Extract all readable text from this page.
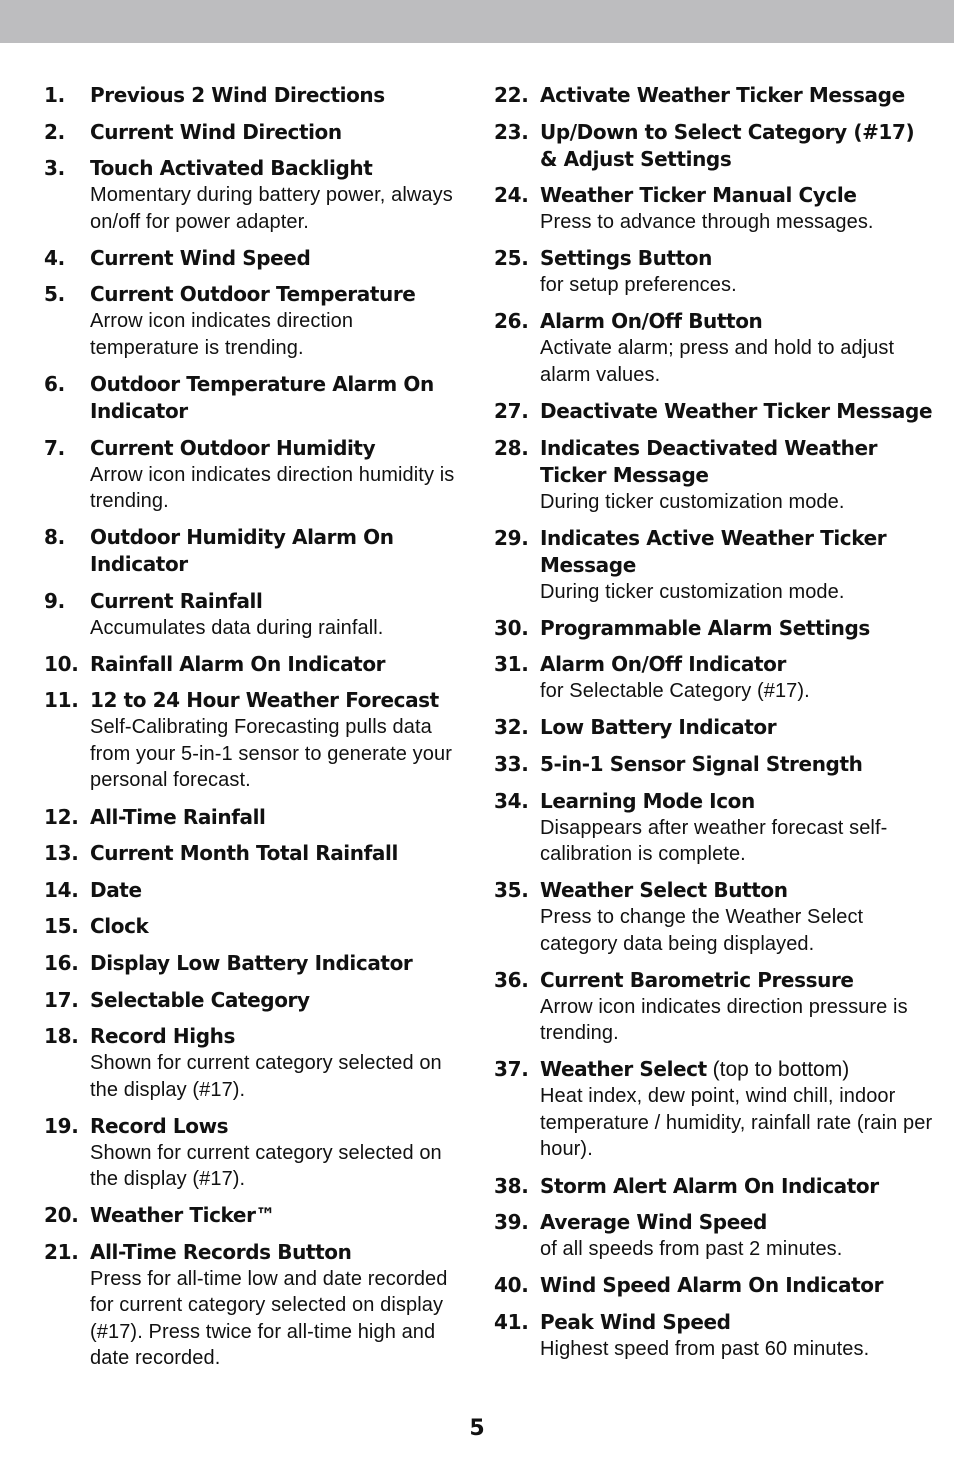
1.	Previous 2 Wind Directions
2.	Current Wind Direction
3.	Touch Activated Backlight
Momentary during battery power, always on/off for power adapter.
4.	Current Wind Speed
5.	Current Outdoor Temperature
Arrow icon indicates direction temperature is trending.
6.	Outdoor Temperature Alarm On Indicator
7.	Current Outdoor Humidity
Arrow icon indicates direction humidity is trending.
8.	Outdoor Humidity Alarm On Indicator
9.	Current Rainfall
Accumulates data during rainfall.
10. Rainfall Alarm On Indicator
11. 12 to 24 Hour Weather Forecast
Self-Calibrating Forecasting pulls data from your 5-in-1 sensor to generate your personal forecast.
12. All-Time Rainfall
13. Current Month Total Rainfall
14. Date
15. Clock
16. Display Low Battery Indicator
17. Selectable Category
18. Record Highs
Shown for current category selected on the display (#17).
19. Record Lows
Shown for current category selected on the display (#17).
20. Weather Ticker™
21. All-Time Records Button
Press for all-time low and date recorded for current category selected on display (#17). Press twice for all-time high and date recorded.
22. Activate Weather Ticker Message
23. Up/Down to Select Category (#17) & Adjust Settings
24. Weather Ticker Manual Cycle
Press to advance through messages.
25. Settings Button
for setup preferences.
26. Alarm On/Off Button
Activate alarm; press and hold to adjust alarm values.
27. Deactivate Weather Ticker Message
28. Indicates Deactivated Weather Ticker Message
During ticker customization mode.
29. Indicates Active Weather Ticker Message
During ticker customization mode.
30. Programmable Alarm Settings
31. Alarm On/Off Indicator
for Selectable Category (#17).
32. Low Battery Indicator
33. 5-in-1 Sensor Signal Strength
34. Learning Mode Icon
Disappears after weather forecast self-calibration is complete.
35. Weather Select Button
Press to change the Weather Select category data being displayed.
36. Current Barometric Pressure
Arrow icon indicates direction pressure is trending.
37. Weather Select (top to bottom)
Heat index, dew point, wind chill, indoor temperature / humidity, rainfall rate (rain per hour).
38. Storm Alert Alarm On Indicator
39. Average Wind Speed
of all speeds from past 2 minutes.
40. Wind Speed Alarm On Indicator
41. Peak Wind Speed
Highest speed from past 60 minutes.
5
